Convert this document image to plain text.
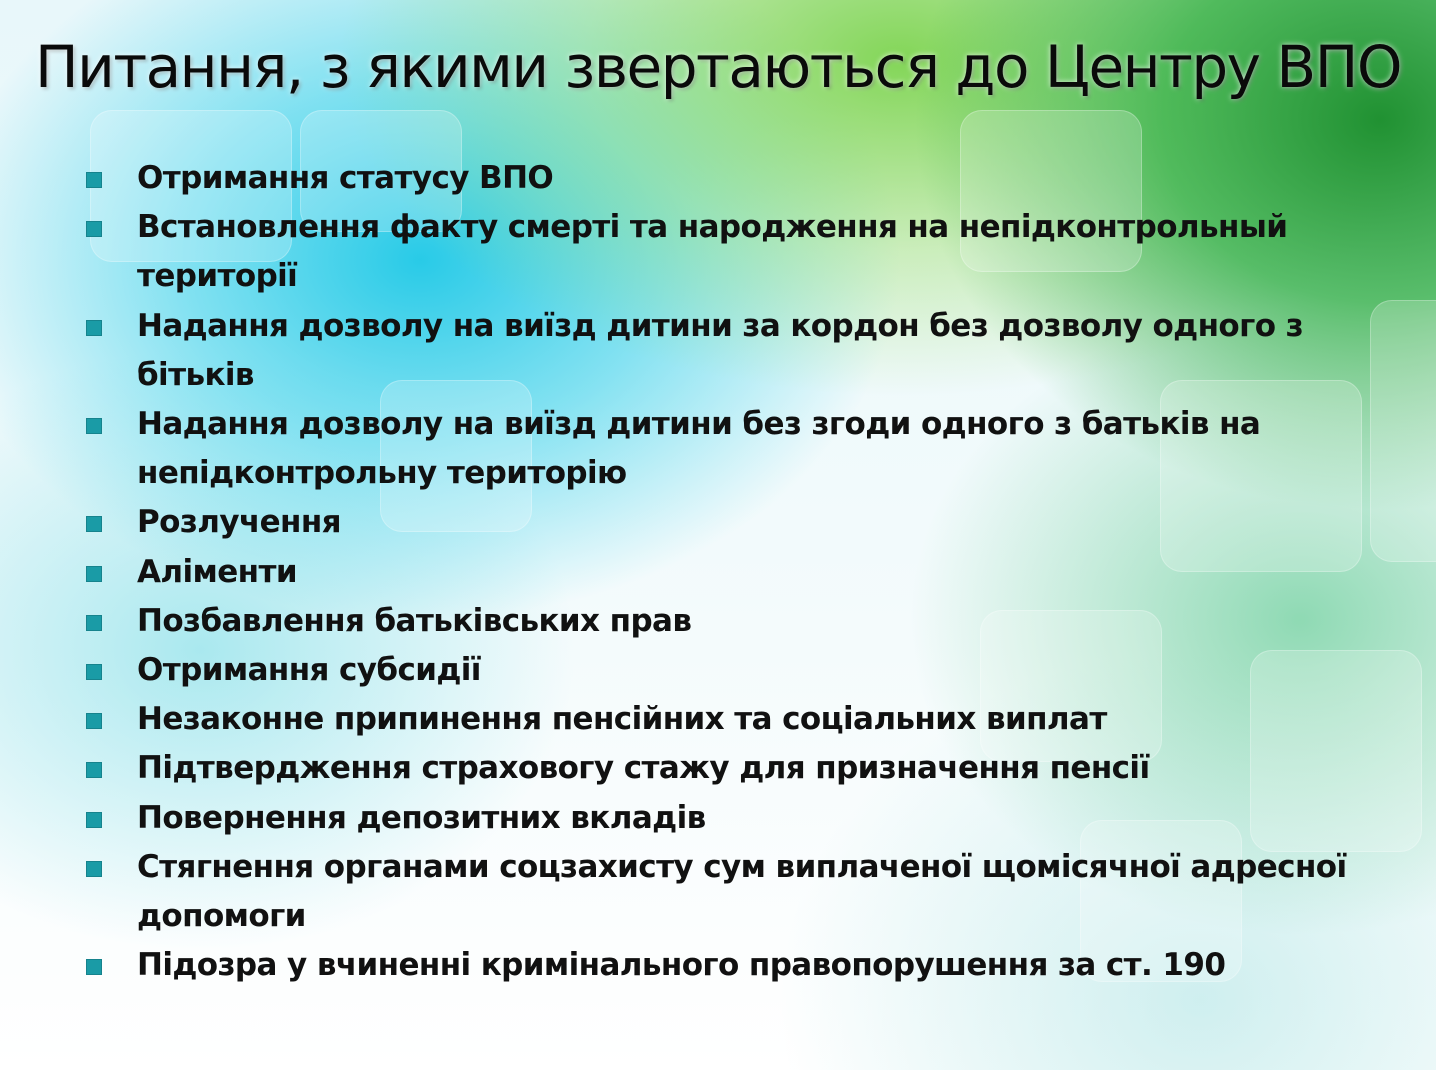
Питання, з якими звертаються до Центру ВПО
Отримання статусу ВПО
Встановлення факту смерті та народження на непідконтрольный території
Надання дозволу на виїзд дитини за кордон без дозволу одного з бітьків
Надання дозволу на виїзд дитини без згоди одного з батьків на непідконтрольну територію
Розлучення
Аліменти
Позбавлення батьківських прав
Отримання субсидії
Незаконне припинення пенсійних та соціальних виплат
Підтвердження страховогу стажу для призначення пенсії
Повернення депозитних вкладів
Стягнення органами соцзахисту сум виплаченої щомісячної адресної допомоги
Підозра у вчиненні кримінального правопорушення за ст. 190
